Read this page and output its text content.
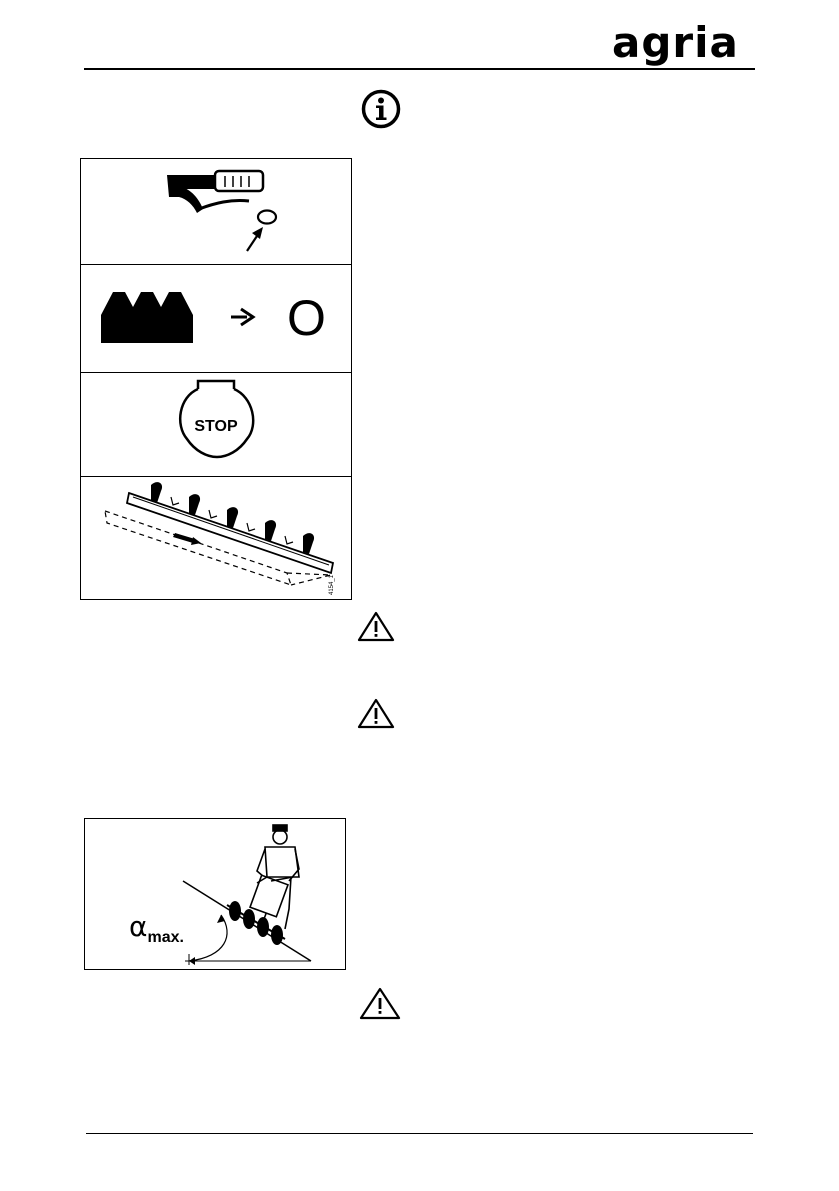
agria
O
STOP
4154_1
$\alpha_{max.}$
